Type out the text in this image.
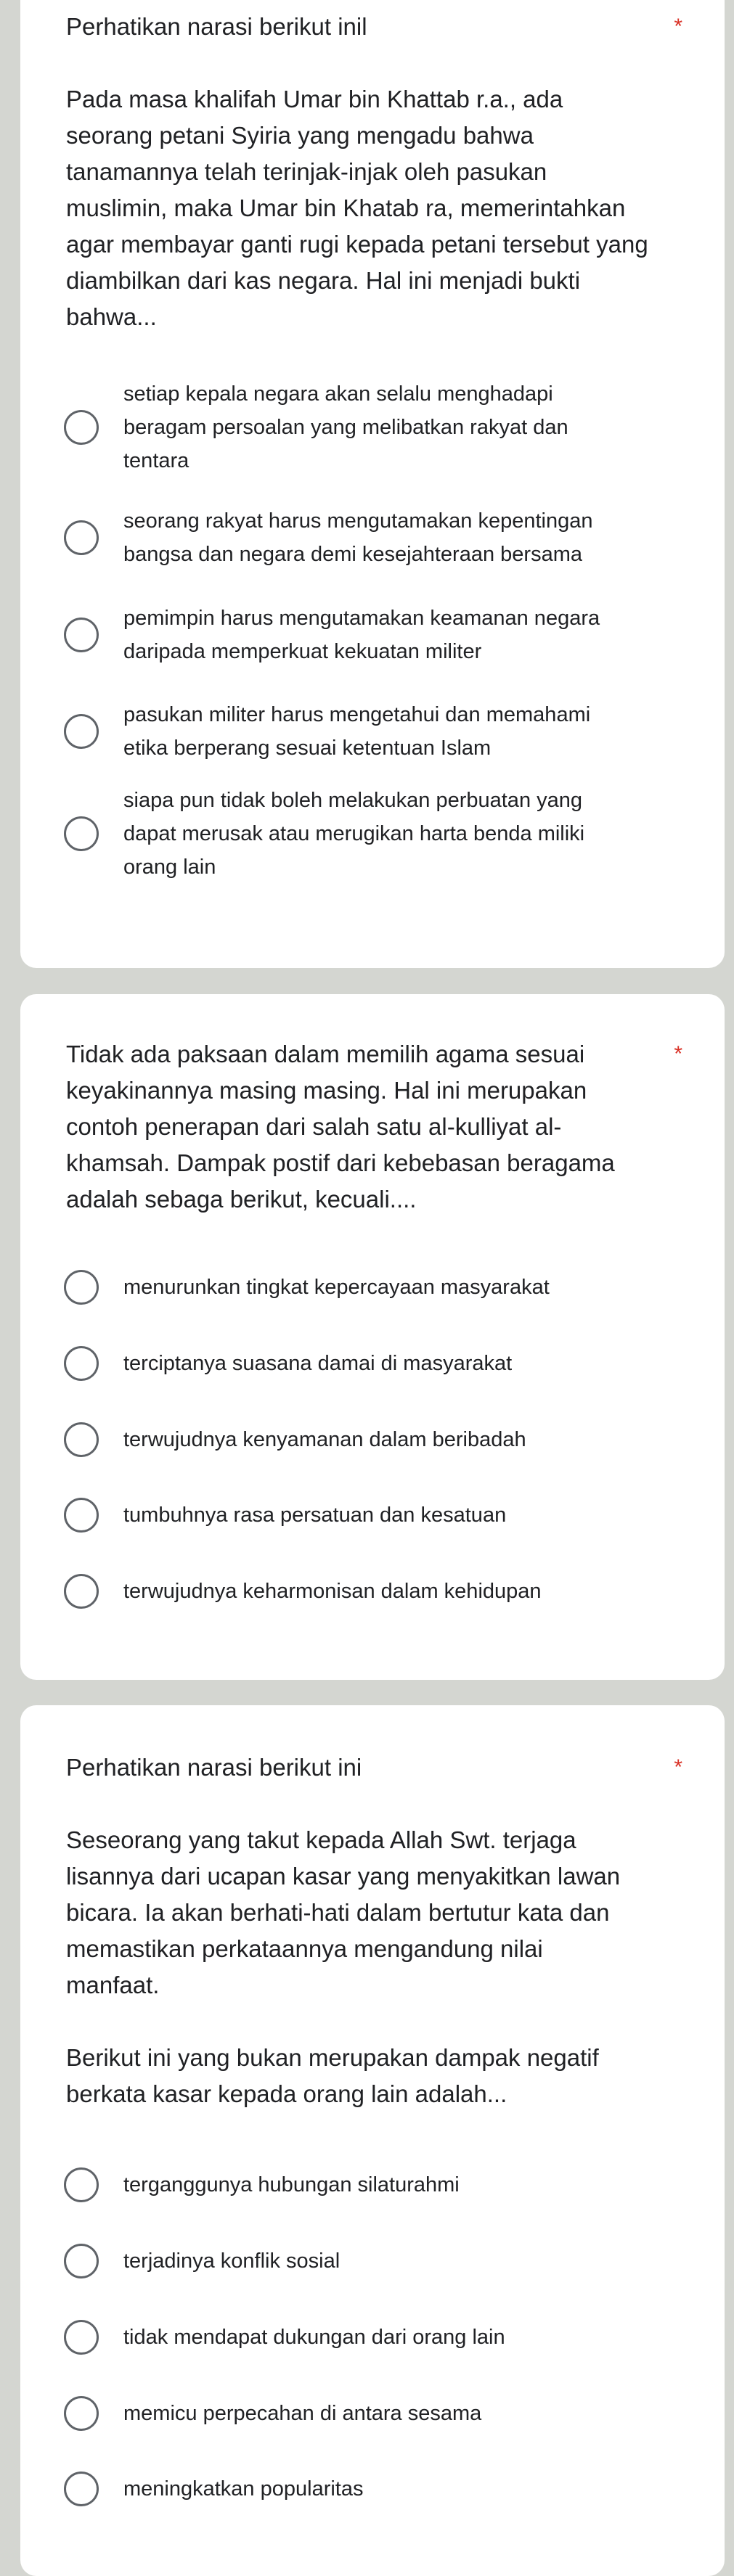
Perhatikan narasi berikut inil	*
Pada masa khalifah Umar bin Khattab r.a., ada
seorang petani Syiria yang mengadu bahwa
tanamannya telah terinjak-injak oleh pasukan
muslimin, maka Umar bin Khatab ra, memerintahkan
agar membayar ganti rugi kepada petani tersebut yang
diambilkan dari kas negara. Hal ini menjadi bukti
bahwa...
setiap kepala negara akan selalu menghadapi
beragam persoalan yang melibatkan rakyat dan
tentara
seorang rakyat harus mengutamakan kepentingan
bangsa dan negara demi kesejahteraan bersama
pemimpin harus mengutamakan keamanan negara
daripada memperkuat kekuatan militer
pasukan militer harus mengetahui dan memahami
etika berperang sesuai ketentuan Islam
siapa pun tidak boleh melakukan perbuatan yang
dapat merusak atau merugikan harta benda miliki
orang lain
Tidak ada paksaan dalam memilih agama sesuai
keyakinannya masing masing. Hal ini merupakan
contoh penerapan dari salah satu al-kulliyat al-
khamsah. Dampak postif dari kebebasan beragama
adalah sebaga berikut, kecuali....
*
menurunkan tingkat kepercayaan masyarakat
terciptanya suasana damai di masyarakat
terwujudnya kenyamanan dalam beribadah
tumbuhnya rasa persatuan dan kesatuan
terwujudnya keharmonisan dalam kehidupan
Perhatikan narasi berikut ini	*
Seseorang yang takut kepada Allah Swt. terjaga
lisannya dari ucapan kasar yang menyakitkan lawan
bicara. Ia akan berhati-hati dalam bertutur kata dan
memastikan perkataannya mengandung nilai
manfaat.
Berikut ini yang bukan merupakan dampak negatif
berkata kasar kepada orang lain adalah...
terganggunya hubungan silaturahmi
terjadinya konflik sosial
tidak mendapat dukungan dari orang lain
memicu perpecahan di antara sesama
meningkatkan popularitas
